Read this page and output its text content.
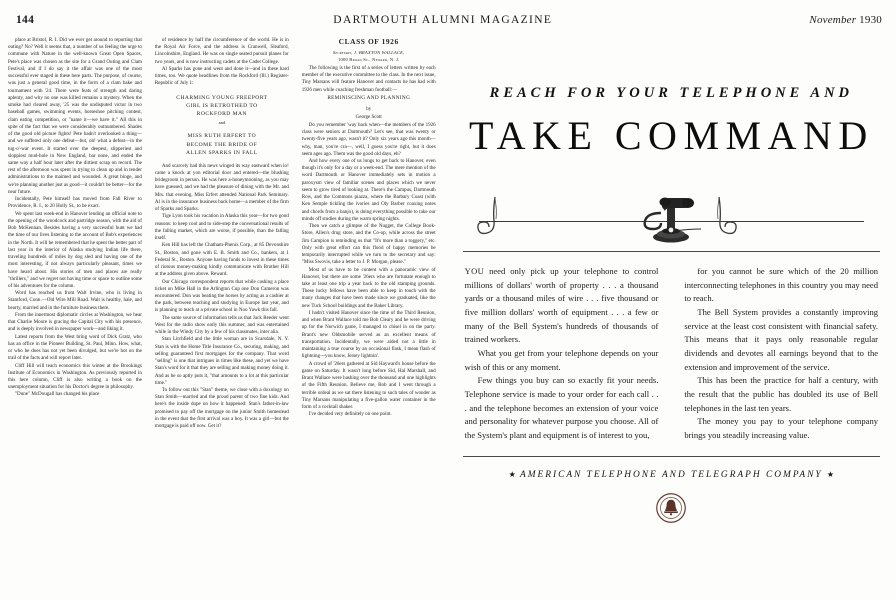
144	DARTMOUTH ALUMNI MAGAZINE	November 1930

place at Bristol, R. I. Did we ever get around to reporting that outing? No? Well it seems that, a number of us feeling the urge to commune with Nature in the well-known Great Open Spaces, Pete's place was chosen as the site for a Grand Outing and Clam Festival, and if I do say it the affair was one of the most successful ever staged in these here parts. The purpose, of course, was just a general good time, in the form of a clam bake and tournament with '24. There were feats of strength and daring aplenty, and why no one was killed remains a mystery. When the smoke had cleared away, '25 was the undisputed victor in two baseball games, swimming events, horseshoe pitching contest, clam eating competition, or "name it—we have it." All this in spite of the fact that we were considerably outnumbered. Shades of the good old picture fights! Pete hadn't overlooked a thing—and we suffered only one defeat—but, oh! what a defeat—in the tug-o'-war event. It started over the deepest, slipperiest and sloppiest mud-hole in New England, bar none, and ended the same way a half hour later after the dirtiest scrap on record. The rest of the afternoon was spent in trying to clean up and in tender administrations to the maimed and wounded. A great binge, and we're planning another just as good—it couldn't be better—for the near future.

Incidentally, Pete himself has moved from Fall River to Providence, R. I., to 20 Holly St., to be exact.

We spent last week-end in Hanover lending an official note to the opening of the woodcock and partridge season, with the aid of Bob McKennan. Besides having a very successful hunt we had the time of our lives listening to the account of Bob's experiences in the North. It will be remembered that he spent the better part of last year in the interior of Alaska studying Indian life there, traveling hundreds of miles by dog sled and having one of the most interesting, if not always particularly pleasant, times we have heard about. His stories of men and places are really "thrillers," and we regret not having time or space to outline some of his adventures for the column.

Word has reached us from Walt Irvine, who is living in Stamford, Conn.—Old Wire Mill Road. Walt is healthy, hale, and hearty, married and in the furniture business there.

From the innermost diplomatic circles at Washington, we hear that Charlie Moore is gracing the Capital City with his presence, and is deeply involved in newspaper work—and liking it.

Latest reports from the West bring word of Dick Gratz, who has an office in the Pioneer Building, St. Paul, Minn. How, what, or who he does has not yet been divulged, but we're hot on the trail of the facts and will report later.

Cliff Hill will teach economics this winter at the Brookings Institute of Economics in Washington. As previously reported in this here column, Cliff is also writing a book on the unemployment situation for his Doctor's degree in philosophy.

"Dune" McDougall has changed his place

of residence by half the circumference of the world. He is in the Royal Air Force, and the address is Cranwell, Sleaford, Lincolnshire, England. He was on single seated pursuit planes for two years, and is now instructing cadets at the Cadet College.

Al Sparks has gone and went and done it—and in these hard times, too. We quote headlines from the Rockford (Ill.) Register-Republic of July 1:

CHARMING YOUNG FREEPORT
GIRL IS BETROTHED TO
ROCKFORD MAN
and
MISS RUTH ERFERT TO
BECOME THE BRIDE OF
ALLEN SPARKS IN FALL

And scarcely had this news winged its way eastward when lo! came a knock at yon editorial door and entered—the blushing bridegroom in person. He was here a-honeymooning, as you may have guessed, and we had the pleasure of dining with the Mr. and Mrs. that evening. Miss Erfert attended National Park Seminary. Al is in the insurance business back home—a member of the firm of Sparks and Sparks.

Tige Lyon took his vacation in Alaska this year—for two good reasons: to keep cool and to side-step the conversational results of the falling market, which are worse, if possible, than the falling itself.

Ken Hill has left the Chatham-Phenix Corp., at 85 Devonshire St., Boston, and gone with E. B. Smith and Co., bankers, at 1 Federal St., Boston. Anyone having funds to invest in these times of riotous money-making kindly communicate with Brother Hill at the address given above. Reward.

Our Chicago correspondent reports that while cashing a place ticket on Mike Hall in the Arlington Cup one Don Cameron was encountered. Don was beating the horses by acting as a cashier at the park, between teaching and studying in Europe last year, and is planning to teach at a private school in Noo Yawk this fall.

The same source of information tells us that Jack Reeder went West for the radio show early this summer, and was entertained while in the Windy City by a few of his classmates, inter alia.

Stan Litchfield and the little woman are in Scarsdale, N. Y. Stan is with the Home Title Insurance Co., securing, making, and selling guaranteed first mortgages for the company. That word "selling" is one that intrigues in times like these, and yet we have Stan's word for it that they are selling and making money doing it. And as he so aptly puts it, "that amounts to a lot at this particular time."

To follow out this "Stan" theme, we close with a doxology on Stan Smith—married and the proud parent of two fine kids. And here's the inside dope on how it happened: Stan's father-in-law promised to pay off the mortgage on the junior Smith homestead in the event that the first arrival was a boy. It was a girl—but the mortgage is paid off now. Get it?

CLASS OF 1926
Secretary, J. BRAXTON WALLACE,
1000 Broad St., Newark, N. J.

The following is the first of a series of letters written by each member of the executive committee to the class. In the next issue, Tiny Marsans will feature Hanover and contacts he has had with 1926 men while coaching freshman football:—

REMINISCING AND PLANNING
by
George Scott

Do you remember 'way back when—the members of the 1926 class were seniors at Dartmouth? Let's see, that was twenty or twenty-five years ago, wasn't it? Only six years ago this month—why, man, you're cra—, well, I guess you're right, but it does seem ages ago. Them was the good old days, eh?

And how every one of us longs to get back to Hanover, even though it's only for a day or a week-end. The mere mention of the word Dartmouth or Hanover immediately sets in motion a paroxysm view of familiar scenes and places which we never seem to grow tired of looking at. There's the Campus, Dartmouth Row, and the Commons piazza, where the Barbary Coast (with Ken Semple tickling the ivories and Oly Barber coaxing notes and chords from a banjo), is doing everything possible to take our minds off studies during the warm spring nights.

Then we catch a glimpse of the Nugget, the College Book-Store, Allen's drug store, and the Co-op, while across the street Jim Campion is reminding us that "It's more than a toggery," etc. Only with great effort can this flood of happy memories be temporarily interrupted while we turn to the secretary and say: "Miss Swovis, take a letter to J. P. Morgan, please."

Most of us have to be content with a panoramic view of Hanover, but there are some '26ers who are fortunate enough to take at least one trip a year back to the old stamping grounds. These lucky fellows have been able to keep in touch with the many changes that have been made since we graduated, like the new Tuck School buildings and the Baker Library.

I hadn't visited Hanover since the time of the Third Reunion, and when Brant Wallace told me Bob Cleary and he were driving up for the Norwich game, I managed to chisel in on the party. Brant's new Oldsmobile served as an excellent means of transportation. Incidentally, we were aided not a little in maintaining a true course by an occasional flask, I mean flash of lightning—you know, Jersey lightnin'.

A crowd of '26ers gathered at Sid Hayward's house before the game on Saturday. It wasn't long before Sid, Hal Marshall, and Brant Wallace were hashing over the thousand and one highlights of the Fifth Reunion. Believe me, Bob and I went through a terrible ordeal as we sat there listening to such tales of wonder as Tiny Marsans manipulating a five-gallon water container in the form of a cocktail shaker.

I've decided very definitely on one point.

REACH FOR YOUR TELEPHONE AND
TAKE COMMAND

YOU need only pick up your telephone to control millions of dollars' worth of property . . . a thousand yards or a thousand miles of wire . . . five thousand or five million dollars' worth of equipment . . . a few or many of the Bell System's hundreds of thousands of trained workers.

What you get from your telephone depends on your wish of this or any moment.

Few things you buy can so exactly fit your needs. Telephone service is made to your order for each call . . . and the telephone becomes an extension of your voice and personality for whatever purpose you choose. All of the System's plant and equipment is of interest to you,

for you cannot be sure which of the 20 million interconnecting telephones in this country you may need to reach.

The Bell System provides a constantly improving service at the least cost consistent with financial safety. This means that it pays only reasonable regular dividends and devotes all earnings beyond that to the extension and improvement of the service.

This has been the practice for half a century, with the result that the public has doubled its use of Bell telephones in the last ten years.

The money you pay to your telephone company brings you steadily increasing value.

★ AMERICAN TELEPHONE AND TELEGRAPH COMPANY ★
